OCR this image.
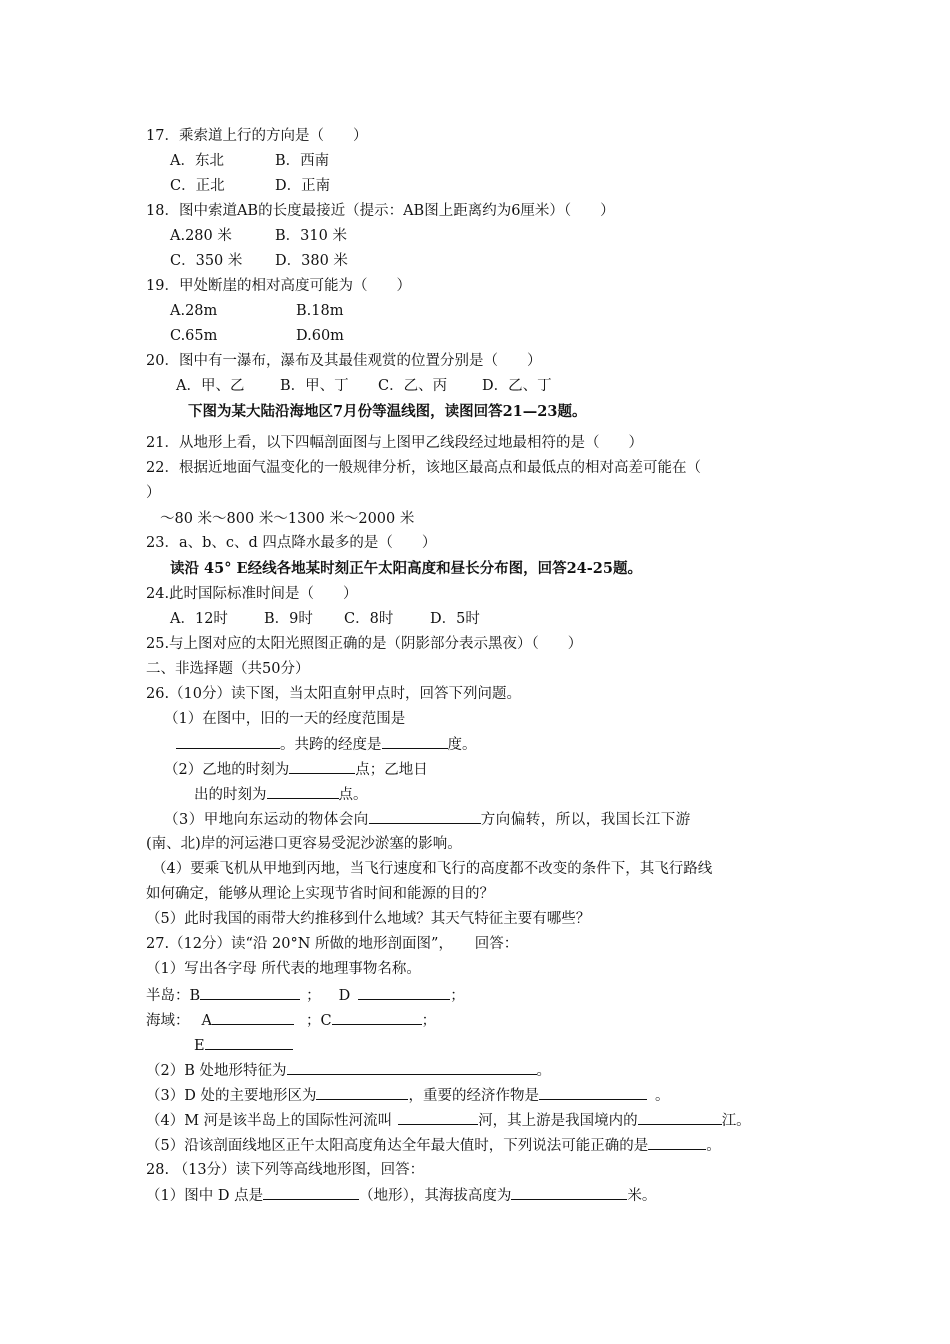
17．乘索道上行的方向是（　　）
A．东北	B．西南
C．正北	D．正南
18．图中索道AB的长度最接近（提示：AB图上距离约为6厘米）（　　）
A.280 米	B．310 米
C．350 米 D．380 米
19．甲处断崖的相对高度可能为（　　）
A.28m	B.18m
C.65m	D.60m
20．图中有一瀑布，瀑布及其最佳观赏的位置分别是（　　）
A．甲、乙 B．甲、丁 C．乙、丙 D．乙、丁
下图为某大陆沿海地区7月份等温线图，读图回答21—23题。
21．从地形上看，以下四幅剖面图与上图甲乙线段经过地最相符的是（　　）
22．根据近地面气温变化的一般规律分析，该地区最高点和最低点的相对高差可能在（
）
～80 米～800 米～1300 米～2000 米
23．a、b、c、d 四点降水最多的是（　　）
读沿 45° E经线各地某时刻正午太阳高度和昼长分布图，回答24-25题。
24.此时国际标准时间是（　　）
A．12时 B．9时 C．8时	D．5时
25.与上图对应的太阳光照图正确的是（阴影部分表示黑夜）（　　）
二、非选择题（共50分）
26.（10分）读下图，当太阳直射甲点时，回答下列问题。
（1）在图中，旧的一天的经度范围是
。共跨的经度是	度。
（2）乙地的时刻为	点；乙地日
出的时刻为	点。
（3）甲地向东运动的物体会向	方向偏转，所以，我国长江下游
(南、北)岸的河运港口更容易受泥沙淤塞的影响。
（4）要乘飞机从甲地到丙地，当飞行速度和飞行的高度都不改变的条件下，其飞行路线
如何确定，能够从理论上实现节省时间和能源的目的？
（5）此时我国的雨带大约推移到什么地域？其天气特征主要有哪些？
27.（12分）读“沿 20°N 所做的地形剖面图”，　　回答：
（1）写出各字母 所代表的地理事物名称。
半岛：B	； D	；
海域： A	；C	；
E
（2）B 处地形特征为	。
（3）D 处的主要地形区为	，重要的经济作物是	。
（4）M 河是该半岛上的国际性河流叫	河，其上游是我国境内的	江。
（5）沿该剖面线地区正午太阳高度角达全年最大值时，下列说法可能正确的是	。
28. （13分）读下列等高线地形图，回答：
（1）图中 D 点是	（地形），其海拔高度为	米。
